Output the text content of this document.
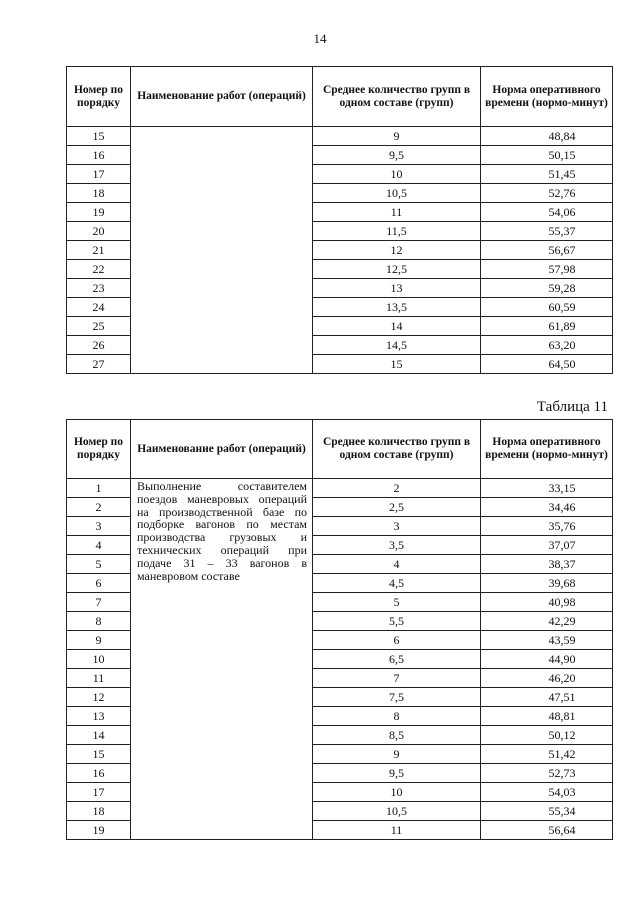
14
Номер по порядку	Наименование работ (операций)	Среднее количество групп в одном составе (групп)	Норма оперативного времени (нормо-минут)
15		9	48,84
16		9,5	50,15
17		10	51,45
18		10,5	52,76
19		11	54,06
20		11,5	55,37
21		12	56,67
22		12,5	57,98
23		13	59,28
24		13,5	60,59
25		14	61,89
26		14,5	63,20
27		15	64,50
Таблица 11
Номер по порядку	Наименование работ (операций)	Среднее количество групп в одном составе (групп)	Норма оперативного времени (нормо-минут)
1	Выполнение составителем поездов маневровых операций на производственной базе по подборке вагонов по местам производства грузовых и технических операций при подаче 31 – 33 вагонов в маневровом составе	2	33,15
2		2,5	34,46
3		3	35,76
4		3,5	37,07
5		4	38,37
6		4,5	39,68
7		5	40,98
8		5,5	42,29
9		6	43,59
10		6,5	44,90
11		7	46,20
12		7,5	47,51
13		8	48,81
14		8,5	50,12
15		9	51,42
16		9,5	52,73
17		10	54,03
18		10,5	55,34
19		11	56,64
